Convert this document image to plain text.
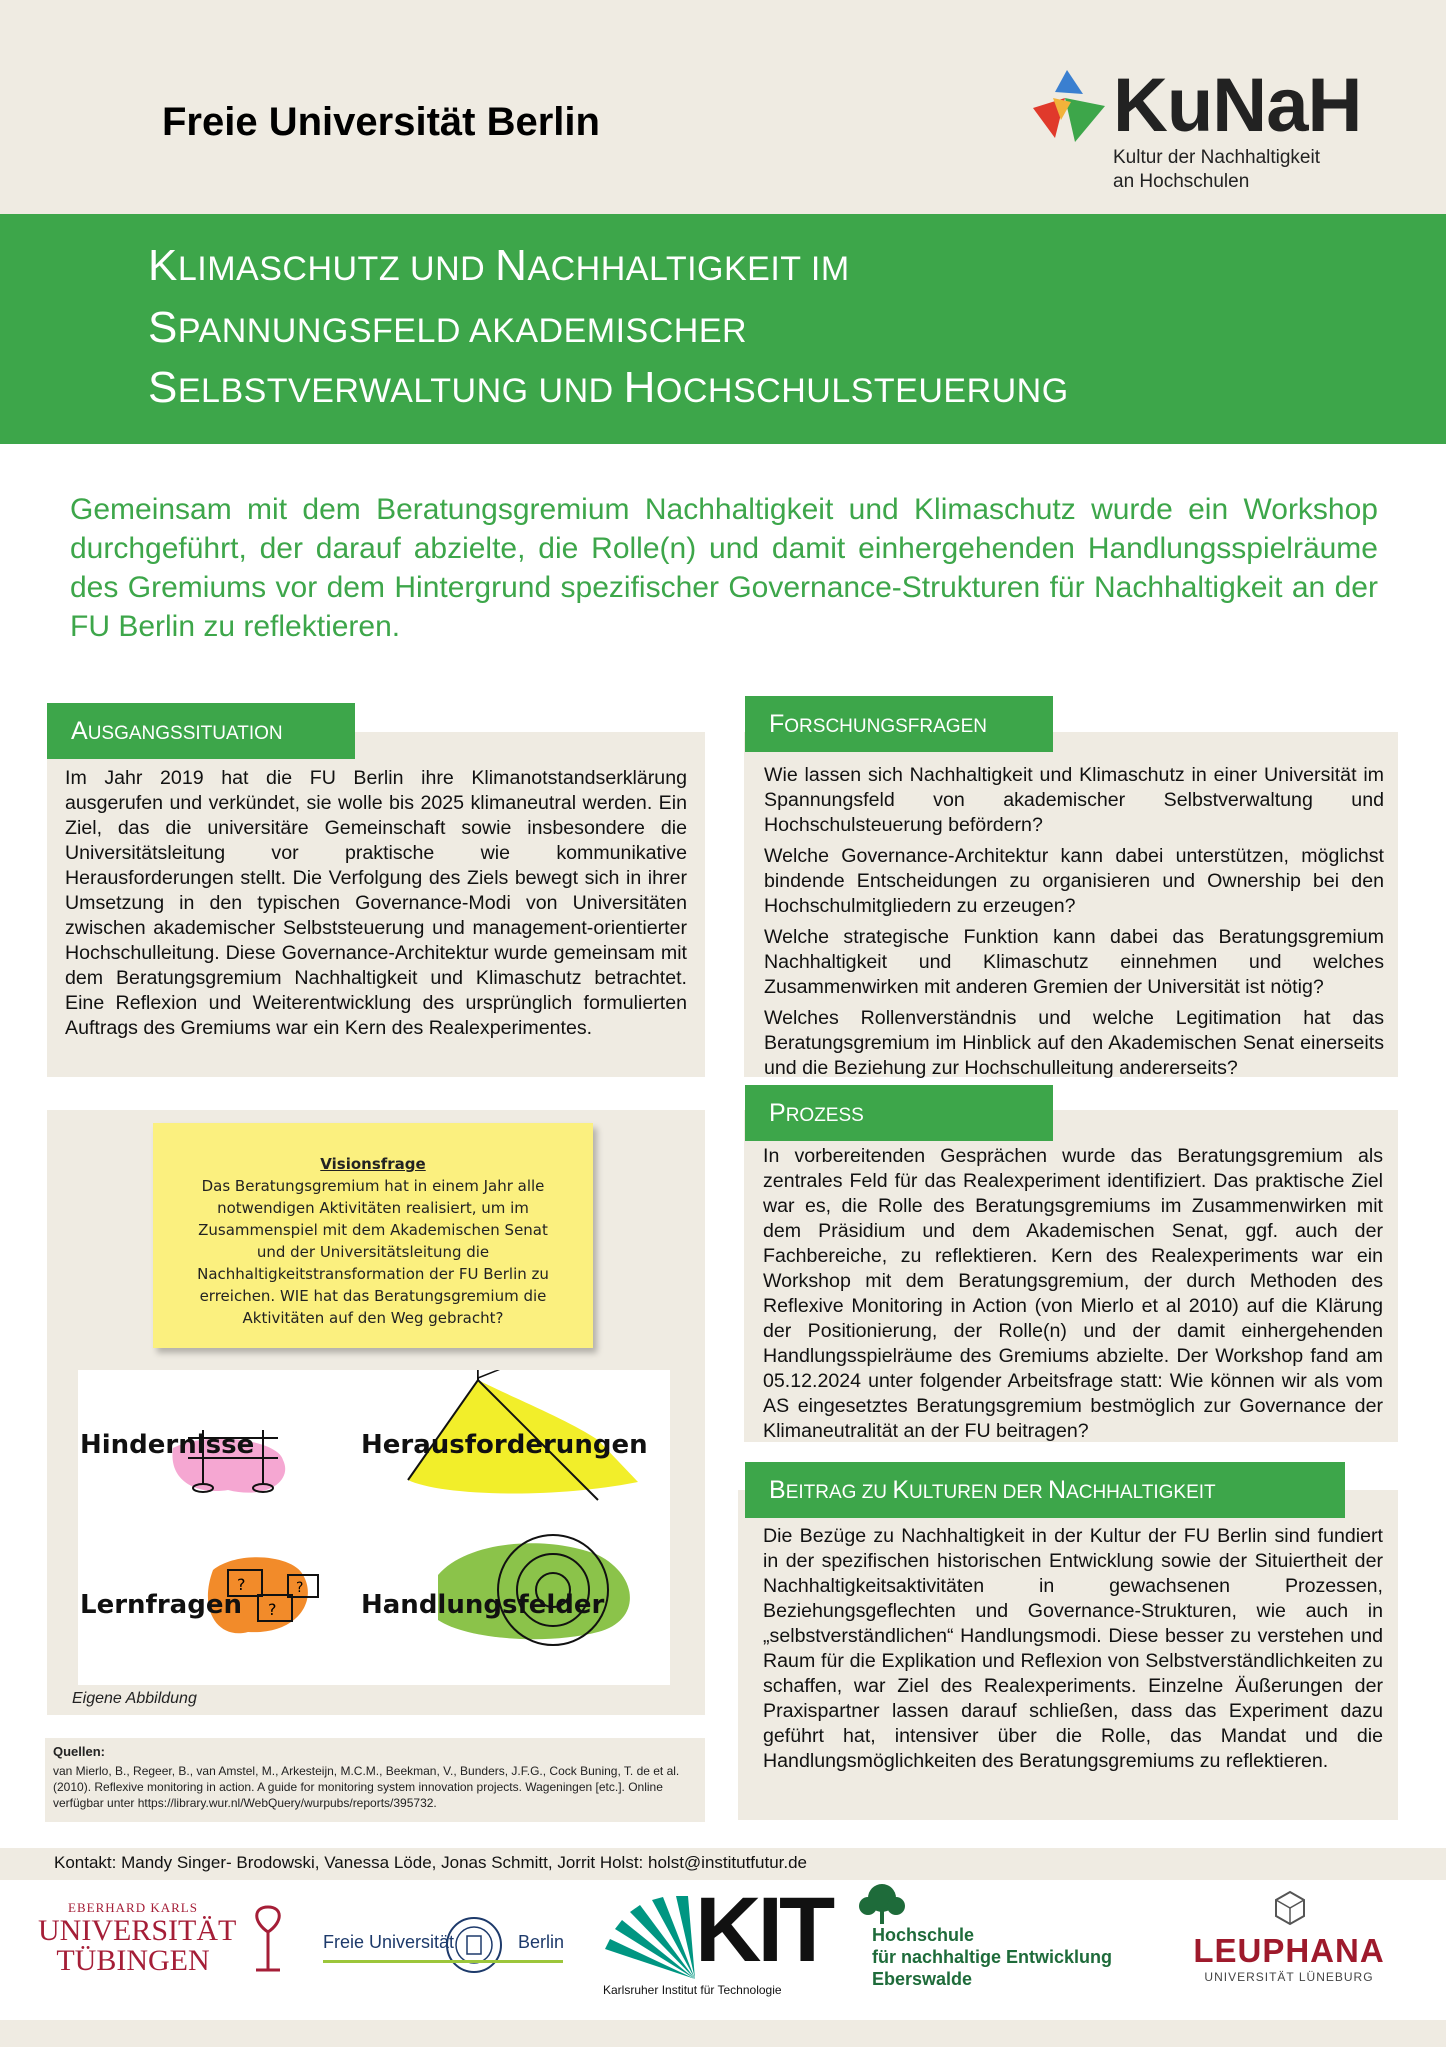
Freie Universität Berlin	KuNaH
Kultur der Nachhaltigkeit
an Hochschulen
KLIMASCHUTZ UND NACHHALTIGKEIT IM
SPANNUNGSFELD AKADEMISCHER
SELBSTVERWALTUNG UND HOCHSCHULSTEUERUNG
Gemeinsam mit dem Beratungsgremium Nachhaltigkeit und Klimaschutz wurde ein Workshop durchgeführt, der darauf abzielte, die Rolle(n) und damit einhergehenden Handlungsspielräume des Gremiums vor dem Hintergrund spezifischer Governance-Strukturen für Nachhaltigkeit an der FU Berlin zu reflektieren.
AUSGANGSSITUATION
Im Jahr 2019 hat die FU Berlin ihre Klimanotstandserklärung ausgerufen und verkündet, sie wolle bis 2025 klimaneutral werden. Ein Ziel, das die universitäre Gemeinschaft sowie insbesondere die Universitätsleitung vor praktische wie kommunikative Herausforderungen stellt. Die Verfolgung des Ziels bewegt sich in ihrer Umsetzung in den typischen Governance-Modi von Universitäten zwischen akademischer Selbststeuerung und management-orientierter Hochschulleitung. Diese Governance-Architektur wurde gemeinsam mit dem Beratungsgremium Nachhaltigkeit und Klimaschutz betrachtet. Eine Reflexion und Weiterentwicklung des ursprünglich formulierten Auftrags des Gremiums war ein Kern des Realexperimentes.
FORSCHUNGSFRAGEN

Wie lassen sich Nachhaltigkeit und Klimaschutz in einer Universität im Spannungsfeld von akademischer Selbstverwaltung und Hochschulsteuerung befördern?

Welche Governance-Architektur kann dabei unterstützen, möglichst bindende Entscheidungen zu organisieren und Ownership bei den Hochschulmitgliedern zu erzeugen?

Welche strategische Funktion kann dabei das Beratungsgremium Nachhaltigkeit und Klimaschutz einnehmen und welches Zusammenwirken mit anderen Gremien der Universität ist nötig?

Welches Rollenverständnis und welche Legitimation hat das Beratungsgremium im Hinblick auf den Akademischen Senat einerseits und die Beziehung zur Hochschulleitung andererseits?

Visionsfrage
Das Beratungsgremium hat in einem Jahr alle notwendigen Aktivitäten realisiert, um im Zusammenspiel mit dem Akademischen Senat und der Universitätsleitung die Nachhaltigkeitstransformation der FU Berlin zu erreichen. WIE hat das Beratungsgremium die Aktivitäten auf den Weg gebracht?
?
?
?
Hindernisse	Herausforderungen
Lernfragen	Handlungsfelder
Eigene Abbildung
PROZESS
In vorbereitenden Gesprächen wurde das Beratungsgremium als zentrales Feld für das Realexperiment identifiziert. Das praktische Ziel war es, die Rolle des Beratungsgremiums im Zusammenwirken mit dem Präsidium und dem Akademischen Senat, ggf. auch der Fachbereiche, zu reflektieren. Kern des Realexperiments war ein Workshop mit dem Beratungsgremium, der durch Methoden des Reflexive Monitoring in Action (von Mierlo et al 2010) auf die Klärung der Positionierung, der Rolle(n) und der damit einhergehenden Handlungsspielräume des Gremiums abzielte. Der Workshop fand am 05.12.2024 unter folgender Arbeitsfrage statt: Wie können wir als vom AS eingesetztes Beratungsgremium bestmöglich zur Governance der Klimaneutralität an der FU beitragen?
BEITRAG ZU KULTUREN DER NACHHALTIGKEIT
Die Bezüge zu Nachhaltigkeit in der Kultur der FU Berlin sind fundiert in der spezifischen historischen Entwicklung sowie der Situiertheit der Nachhaltigkeitsaktivitäten in gewachsenen Prozessen, Beziehungsgeflechten und Governance-Strukturen, wie auch in „selbstverständlichen“ Handlungsmodi. Diese besser zu verstehen und Raum für die Explikation und Reflexion von Selbstverständlichkeiten zu schaffen, war Ziel des Realexperiments. Einzelne Äußerungen der Praxispartner lassen darauf schließen, dass das Experiment dazu geführt hat, intensiver über die Rolle, das Mandat und die Handlungsmöglichkeiten des Beratungsgremiums zu reflektieren.
Quellen:
van Mierlo, B., Regeer, B., van Amstel, M., Arkesteijn, M.C.M., Beekman, V., Bunders, J.F.G., Cock Buning, T. de et al. (2010). Reflexive monitoring in action. A guide for monitoring system innovation projects. Wageningen [etc.]. Online verfügbar unter https://library.wur.nl/WebQuery/wurpubs/reports/395732.
Kontakt: Mandy Singer- Brodowski, Vanessa Löde, Jonas Schmitt, Jorrit Holst: holst@institutfutur.de
EBERHARD KARLS
UNIVERSITÄT
TÜBINGEN
Freie Universität	Berlin KIT
Karlsruher Institut für Technologie
Hochschule
für nachhaltige Entwicklung
Eberswalde
LEUPHANA
UNIVERSITÄT LÜNEBURG
